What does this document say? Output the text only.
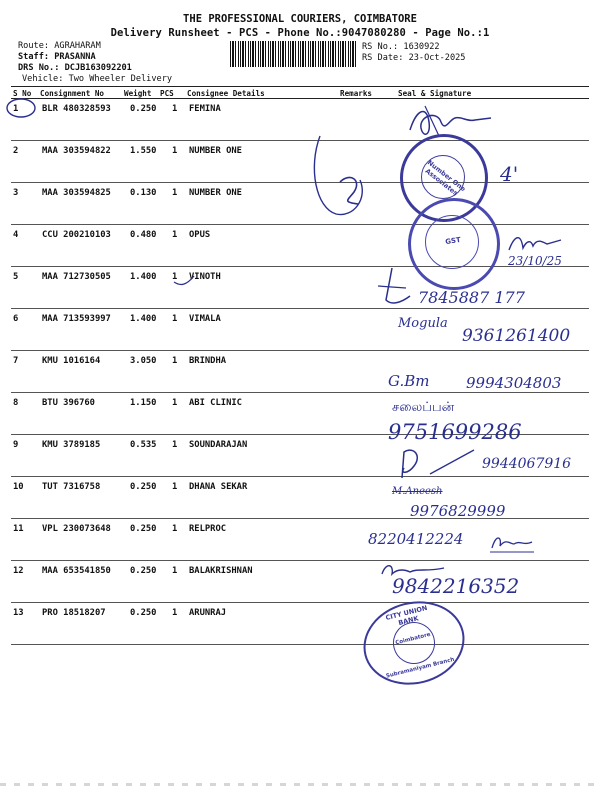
THE PROFESSIONAL COURIERS, COIMBATORE
Delivery Runsheet - PCS - Phone No.:9047080280 - Page No.:1
Route: AGRAHARAM
Staff: PRASANNA
DRS No.: DCJB163092201
Vehicle: Two Wheeler Delivery
RS No.: 1630922
RS Date: 23-Oct-2025
S No Consignment No	Weight PCS Consignee Details	Remarks	Seal & Signature
1	BLR 480328593 0.250 1 FEMINA
2	MAA 303594822 1.550 1 NUMBER ONE
3	MAA 303594825 0.130 1 NUMBER ONE
4	CCU 200210103 0.480 1 OPUS
5	MAA 712730505 1.400 1 VINOTH
6	MAA 713593997 1.400 1 VIMALA
7	KMU 1016164	3.050 1 BRINDHA
8	BTU 396760	1.150 1 ABI CLINIC
9	KMU 3789185	0.535 1 SOUNDARAJAN
10 TUT 7316758	0.250 1 DHANA SEKAR
11 VPL 230073648 0.250 1 RELPROC
12 MAA 653541850 0.250 1 BALAKRISHNAN
13 PRO 18518207	0.250 1 ARUNRAJ
4'
Number One Associates
GST
23/10/25
7845887 177
Mogula
9361261400
G.Bm 9994304803
சலைப்பன்
9751699286
9944067916
M.Aneesh
9976829999
8220412224
9842216352
CITY UNION BANK
Coimbatore
Subramaniyam Branch
